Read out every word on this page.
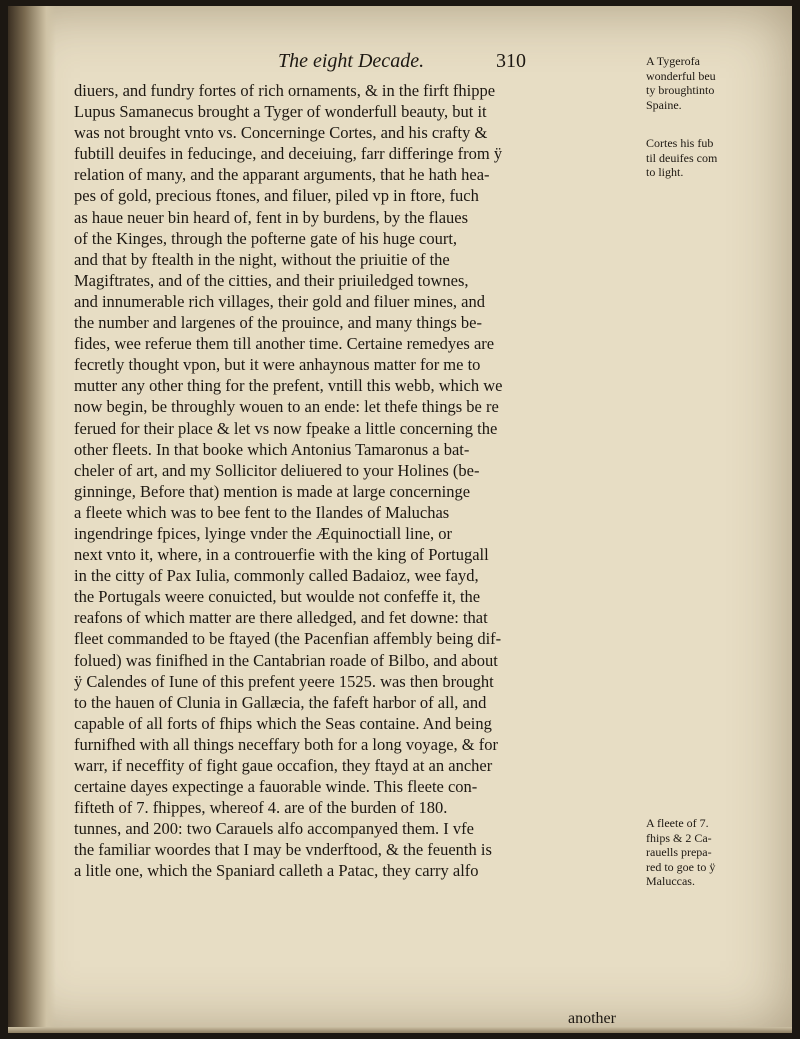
The eight Decade.	310
diuers, and fundry fortes of rich ornaments, & in the firft fhippe
Lupus Samanecus brought a Tyger of wonderfull beauty, but it
was not brought vnto vs. Concerninge Cortes, and his crafty &
fubtill deuifes in feducinge, and deceiuing, farr differinge from ÿ
relation of many, and the apparant arguments, that he hath hea-
pes of gold, precious ftones, and filuer, piled vp in ftore, fuch
as haue neuer bin heard of, fent in by burdens, by the flaues
of the Kinges, through the pofterne gate of his huge court,
and that by ftealth in the night, without the priuitie of the
Magiftrates, and of the citties, and their priuiledged townes,
and innumerable rich villages, their gold and filuer mines, and
the number and largenes of the prouince, and many things be-
fides, wee referue them till another time. Certaine remedyes are
fecretly thought vpon, but it were anhaynous matter for me to
mutter any other thing for the prefent, vntill this webb, which we
now begin, be throughly wouen to an ende: let thefe things be re
ferued for their place & let vs now fpeake a little concerning the
other fleets. In that booke which Antonius Tamaronus a bat-
cheler of art, and my Sollicitor deliuered to your Holines (be-
ginninge, Before that) mention is made at large concerninge
a fleete which was to bee fent to the Ilandes of Maluchas
ingendringe fpices, lyinge vnder the Æquinoctiall line, or
next vnto it, where, in a controuerfie with the king of Portugall
in the citty of Pax Iulia, commonly called Badaioz, wee fayd,
the Portugals weere conuicted, but woulde not confeffe it, the
reafons of which matter are there alledged, and fet downe: that
fleet commanded to be ftayed (the Pacenfian affembly being dif-
folued) was finifhed in the Cantabrian roade of Bilbo, and about
ÿ Calendes of Iune of this prefent yeere 1525. was then brought
to the hauen of Clunia in Gallæcia, the fafeft harbor of all, and
capable of all forts of fhips which the Seas containe. And being
furnifhed with all things neceffary both for a long voyage, & for
warr, if neceffity of fight gaue occafion, they ftayd at an ancher
certaine dayes expectinge a fauorable winde. This fleete con-
fifteth of 7. fhippes, whereof 4. are of the burden of 180.
tunnes, and 200: two Carauels alfo accompanyed them. I vfe
the familiar woordes that I may be vnderftood, & the feuenth is
a litle one, which the Spaniard calleth a Patac, they carry alfo
A Tygerofa
wonderful beu
ty broughtinto
Spaine.
Cortes his fub
til deuifes com
to light.
A fleete of 7.
fhips & 2 Ca-
rauells prepa-
red to goe to ÿ
Maluccas.
another
